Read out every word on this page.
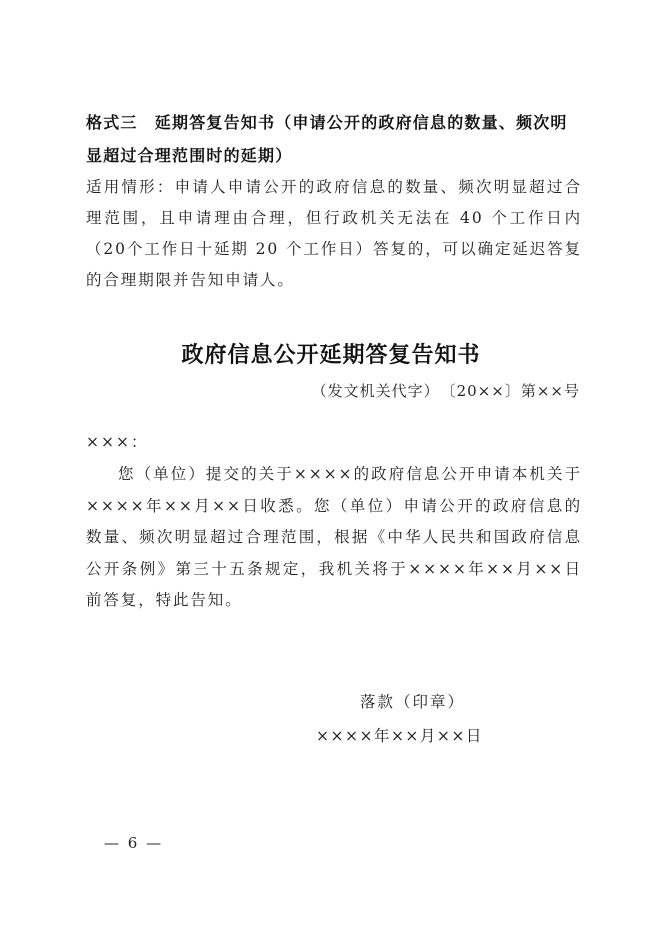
格式三　延期答复告知书（申请公开的政府信息的数量、频次明显超过合理范围时的延期）
适用情形：申请人申请公开的政府信息的数量、频次明显超过合理范围，且申请理由合理，但行政机关无法在 40 个工作日内（20个工作日十延期 20 个工作日）答复的，可以确定延迟答复的合理期限并告知申请人。
政府信息公开延期答复告知书
（发文机关代字）　〔20××〕第××号
×××：
您（单位）提交的关于××××的政府信息公开申请本机关于××××年××月××日收悉。您（单位）申请公开的政府信息的数量、频次明显超过合理范围，根据《中华人民共和国政府信息公开条例》第三十五条规定，我机关将于××××年××月××日前答复，特此告知。
落款（印章）
××××年××月××日
— 6 —
